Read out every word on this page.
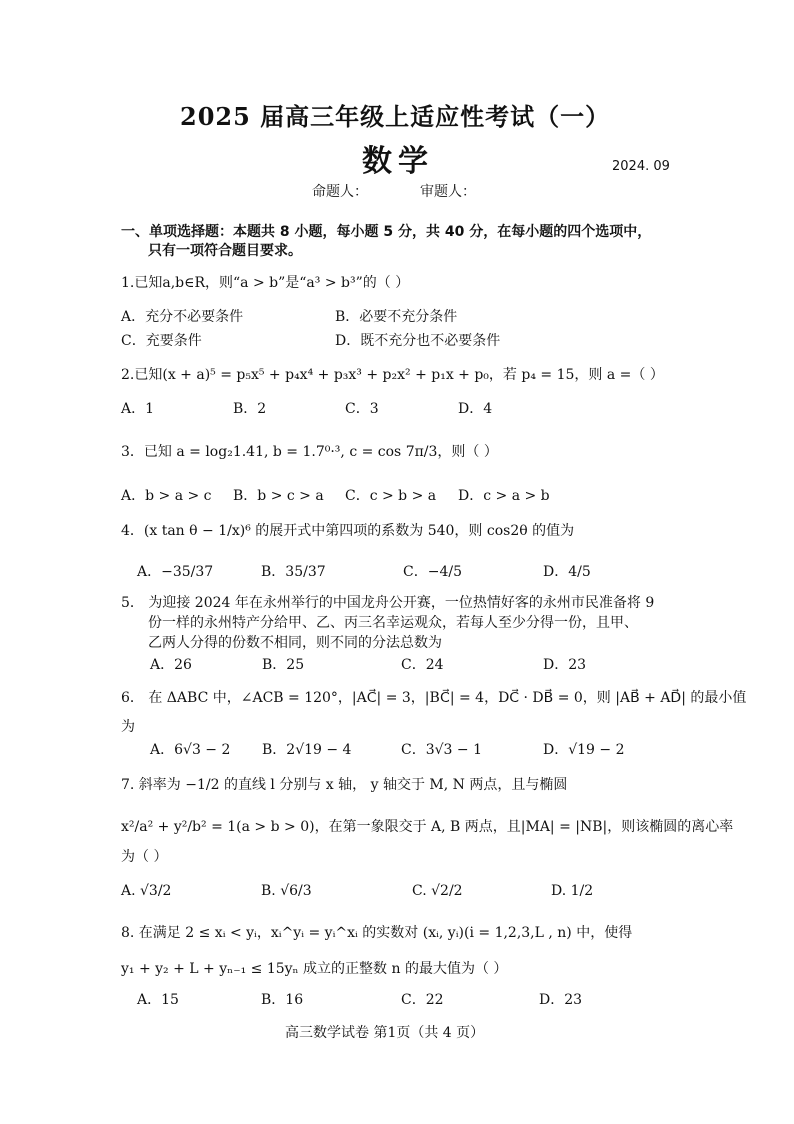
2025 届高三年级上适应性考试（一）
数学	2024. 09
命题人：	审题人：
一、单项选择题：本题共 8 小题，每小题 5 分，共 40 分，在每小题的四个选项中，
只有一项符合题目要求。
1.已知a,b∈R，则“a > b”是“a³ > b³”的（ ）
A．充分不必要条件	B．必要不充分条件
C．充要条件	D．既不充分也不必要条件
2.已知(x + a)⁵ = p₅x⁵ + p₄x⁴ + p₃x³ + p₂x² + p₁x + p₀，若 p₄ = 15，则 a =（ ）
A．1	B．2	C．3	D．4
3．已知 a = log₂1.41, b = 1.7⁰·³, c = cos 7π/3，则（ ）
A．b > a > c B．b > c > a C．c > b > a D．c > a > b
4．(x tan θ − 1/x)⁶ 的展开式中第四项的系数为 540，则 cos2θ 的值为
A．−35/37	B．35/37	C．−4/5	D．4/5
5． 为迎接 2024 年在永州举行的中国龙舟公开赛，一位热情好客的永州市民准备将 9
份一样的永州特产分给甲、乙、丙三名幸运观众，若每人至少分得一份，且甲、
乙两人分得的份数不相同，则不同的分法总数为
A．26	B．25	C．24	D．23
6． 在 ΔABC 中，∠ACB = 120°，|AC⃗| = 3，|BC⃗| = 4，DC⃗ · DB⃗ = 0，则 |AB⃗ + AD⃗| 的最小值
为
A．6√3 − 2 B．2√19 − 4	C．3√3 − 1	D．√19 − 2
7. 斜率为 −1/2 的直线 l 分别与 x 轴， y 轴交于 M, N 两点，且与椭圆
x²/a² + y²/b² = 1(a > b > 0)，在第一象限交于 A, B 两点，且|MA| = |NB|，则该椭圆的离心率
为（ ）
A. √3/2	B. √6/3	C. √2/2	D. 1/2
8. 在满足 2 ≤ xᵢ < yᵢ，xᵢ^yᵢ = yᵢ^xᵢ 的实数对 (xᵢ, yᵢ)(i = 1,2,3,L , n) 中，使得
y₁ + y₂ + L + yₙ₋₁ ≤ 15yₙ 成立的正整数 n 的最大值为（ ）
A．15	B．16	C．22	D．23
高三数学试卷 第1页（共 4 页）
